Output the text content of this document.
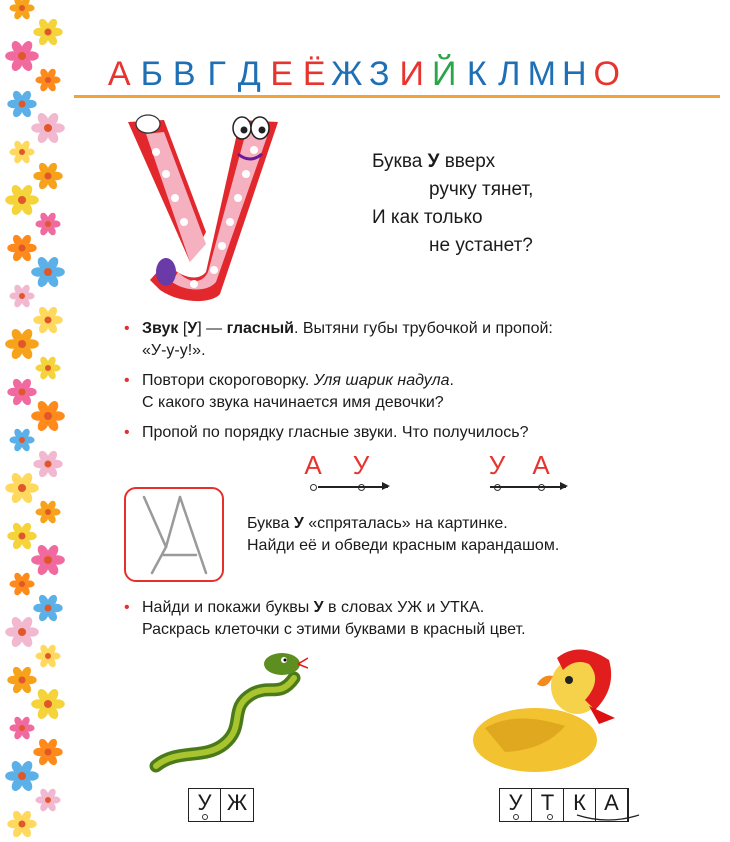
А Б В Г Д Е Ё Ж З И Й К Л М Н О
Буква У вверх
ручку тянет,
И как только
не устанет?
• Звук [У] — гласный. Вытяни губы трубочкой и пропой:
«У-у-у!».
• Повтори скороговорку. Уля шарик надула.
С какого звука начинается имя девочки?
• Пропой по порядку гласные звуки. Что получилось?
А У	У А
Буква У «спряталась» на картинке.
Найди её и обведи красным карандашом.
• Найди и покажи буквы У в словах УЖ и УТКА.
Раскрась клеточки с этими буквами в красный цвет.
У Ж	У Т К А
